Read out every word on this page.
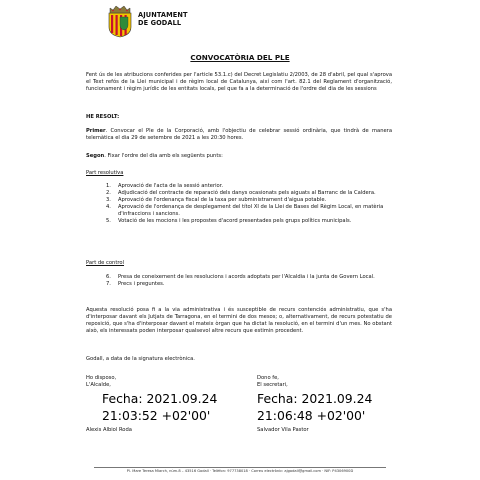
AJUNTAMENT
DE GODALL
CONVOCATÒRIA DEL PLE
Fent ús de les atribucions conferides per l'article 53.1.c) del Decret Legislatiu 2/2003, de 28 d'abril, pel qual s'aprova el Text refós de la Llei municipal i de règim local de Catalunya, així com l'art. 82.1 del Reglament d'organització, funcionament i règim jurídic de les entitats locals, pel que fa a la determinació de l'ordre del dia de les sessions
HE RESOLT:
Primer. Convocar el Ple de la Corporació, amb l'objectiu de celebrar sessió ordinària, que tindrà de manera telemàtica el dia 29 de setembre de 2021 a les 20:30 hores.
Segon. Fixar l'ordre del dia amb els següents punts:
Part resolutiva
1. Aprovació de l'acta de la sessió anterior.
2. Adjudicació del contracte de reparació dels danys ocasionats pels aiguats al Barranc de la Caldera.
3. Aprovació de l'ordenança fiscal de la taxa per subministrament d'aigua potable.
4. Aprovació de l'ordenança de desplegament del títol XI de la Llei de Bases del Règim Local, en matèria d'infraccions i sancions.
5. Votació de les mocions i les propostes d'acord presentades pels grups polítics municipals.
Part de control
6. Presa de coneixement de les resolucions i acords adoptats per l'Alcaldia i la junta de Govern Local.
7. Precs i preguntes.
Aquesta resolució posa fi a la via administrativa i és susceptible de recurs contenciós administratiu, que s'ha d'interposar davant els Jutjats de Tarragona, en el termini de dos mesos; o, alternativament, de recurs potestatiu de reposició, que s'ha d'interposar davant el mateix òrgan que ha dictat la resolució, en el termini d'un mes. No obstant això, els interessats poden interposar qualsevol altre recurs que estimin procedent.
Godall, a data de la signatura electrònica.
Ho disposo,
L'Alcalde,
Fecha: 2021.09.24
21:03:52 +02'00'
Alexis Albiol Roda
Dono fe,
El secretari,
Fecha: 2021.09.24
21:06:48 +02'00'
Salvador Vila Pastor
Pl. Mare Teresa Miarch, núm.8 – 43516 Godall · Telèfon: 977738018 · Correu electrònic: ajgodall@gmail.com · NIF: P4306900D
